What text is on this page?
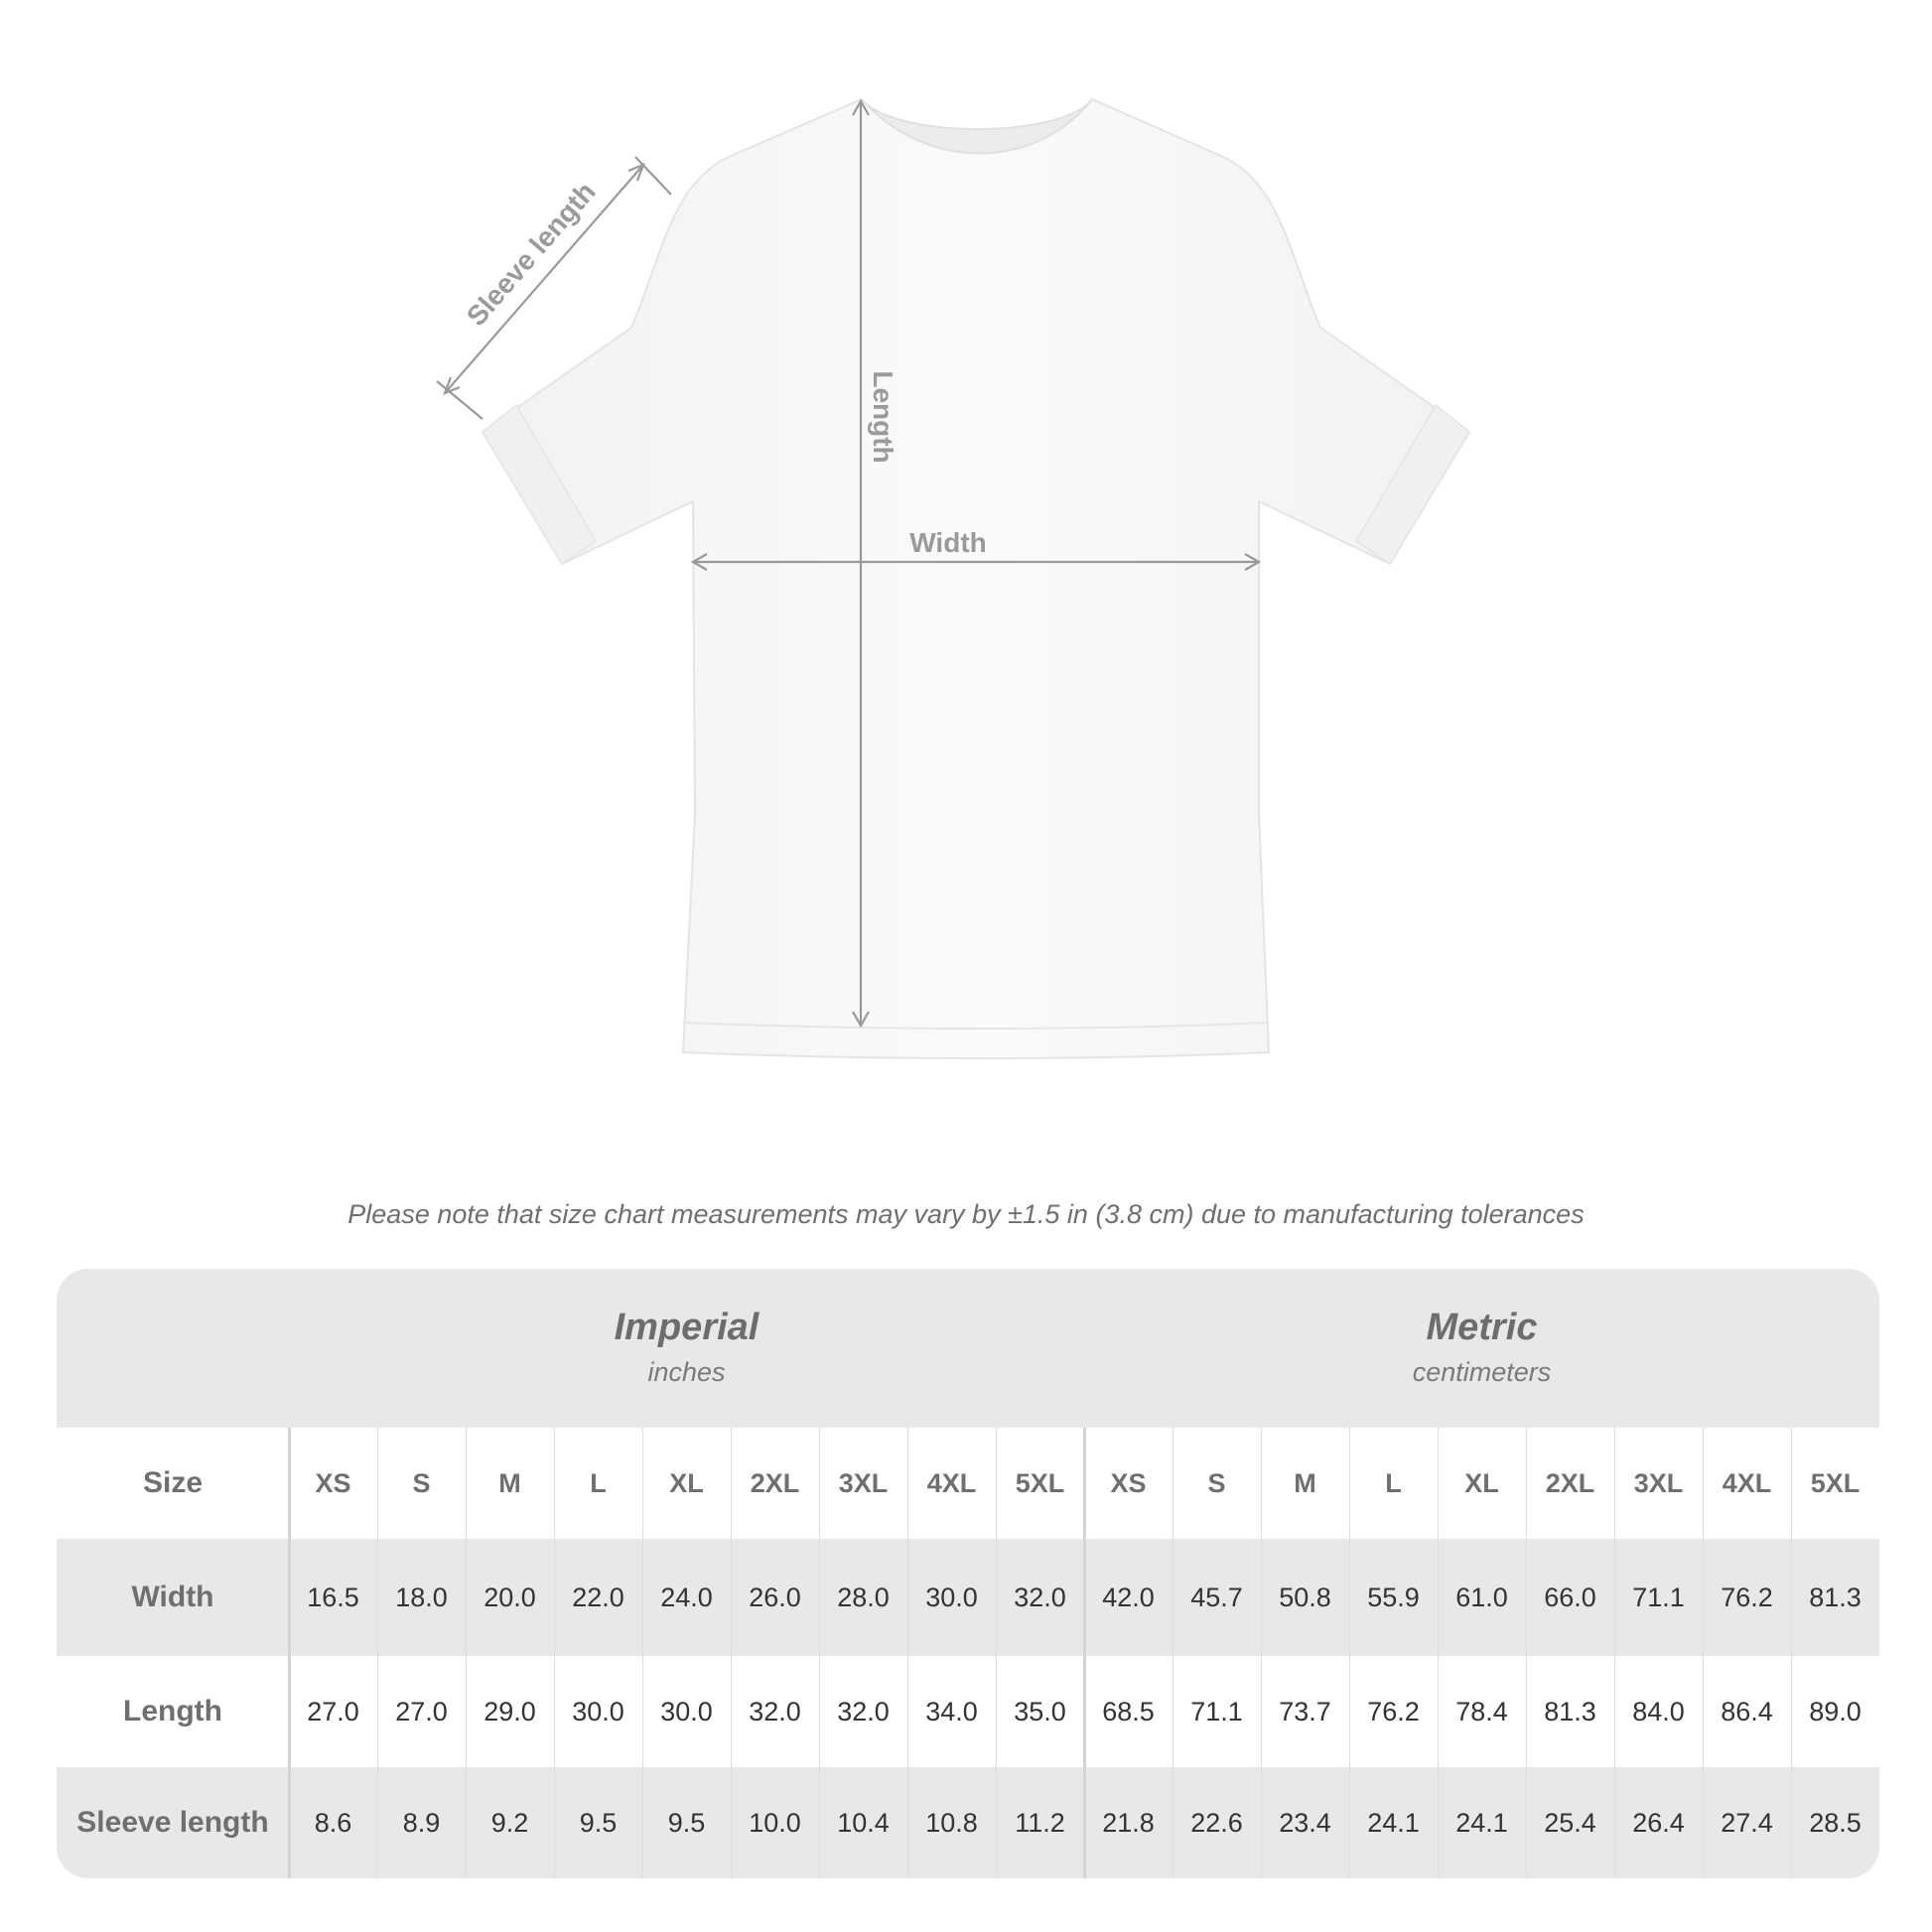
Sleeve length
Length
Width
Please note that size chart measurements may vary by ±1.5 in (3.8 cm) due to manufacturing tolerances
Imperial
inches
Metric
centimeters
Size	XS	S	M	L	XL	2XL	3XL	4XL	5XL	XS	S	M	L	XL	2XL	3XL	4XL	5XL
Width	16.5	18.0	20.0	22.0	24.0	26.0	28.0	30.0	32.0	42.0	45.7	50.8	55.9	61.0	66.0	71.1	76.2	81.3
Length	27.0	27.0	29.0	30.0	30.0	32.0	32.0	34.0	35.0	68.5	71.1	73.7	76.2	78.4	81.3	84.0	86.4	89.0
Sleeve length	8.6	8.9	9.2	9.5	9.5	10.0	10.4	10.8	11.2	21.8	22.6	23.4	24.1	24.1	25.4	26.4	27.4	28.5
